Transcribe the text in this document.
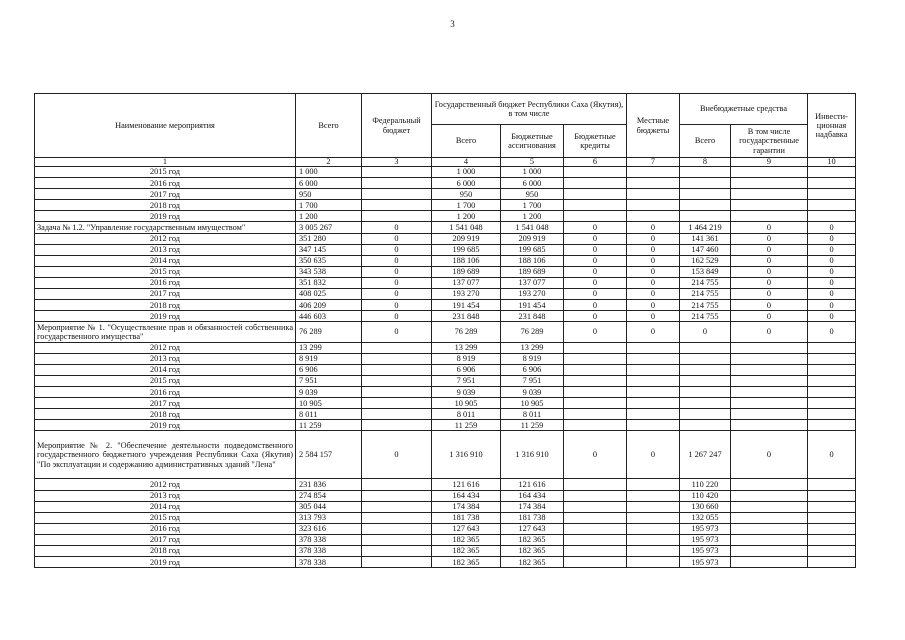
3
Наименование мероприятия	Всего	Федеральный бюджет	Государственный бюджет Республики Саха (Якутия), в том числе			Местные бюджеты	Внебюджетные средства		Инвести- ционная надбавка
			Всего	Бюджетные ассигнования	Бюджетные кредиты		Всего	В том числе государственные гарантии	
1	2	3	4	5	6	7	8	9	10
2015 год	1 000		1 000	1 000					
2016 год	6 000		6 000	6 000					
2017 год	950		950	950					
2018 год	1 700		1 700	1 700					
2019 год	1 200		1 200	1 200					
Задача № 1.2. "Управление государственным имуществом"	3 005 267	0	1 541 048	1 541 048	0	0	1 464 219	0	0
2012 год	351 280	0	209 919	209 919	0	0	141 361	0	0
2013 год	347 145	0	199 685	199 685	0	0	147 460	0	0
2014 год	350 635	0	188 106	188 106	0	0	162 529	0	0
2015 год	343 538	0	189 689	189 689	0	0	153 849	0	0
2016 год	351 832	0	137 077	137 077	0	0	214 755	0	0
2017 год	408 025	0	193 270	193 270	0	0	214 755	0	0
2018 год	406 209	0	191 454	191 454	0	0	214 755	0	0
2019 год	446 603	0	231 848	231 848	0	0	214 755	0	0
Мероприятие № 1. "Осуществление прав и обязанностей собственника государственного имущества"	76 289	0	76 289	76 289	0	0	0	0	0
2012 год	13 299		13 299	13 299					
2013 год	8 919		8 919	8 919					
2014 год	6 906		6 906	6 906					
2015 год	7 951		7 951	7 951					
2016 год	9 039		9 039	9 039					
2017 год	10 905		10 905	10 905					
2018 год	8 011		8 011	8 011					
2019 год	11 259		11 259	11 259					
Мероприятие № 2. "Обеспечение деятельности подведомственного государственного бюджетного учреждения Республики Саха (Якутия) "По эксплуатации и содержанию административных зданий "Лена"	2 584 157	0	1 316 910	1 316 910	0	0	1 267 247	0	0
2012 год	231 836		121 616	121 616			110 220		
2013 год	274 854		164 434	164 434			110 420		
2014 год	305 044		174 384	174 384			130 660		
2015 год	313 793		181 738	181 738			132 055		
2016 год	323 616		127 643	127 643			195 973		
2017 год	378 338		182 365	182 365			195 973		
2018 год	378 338		182 365	182 365			195 973		
2019 год	378 338		182 365	182 365			195 973		
